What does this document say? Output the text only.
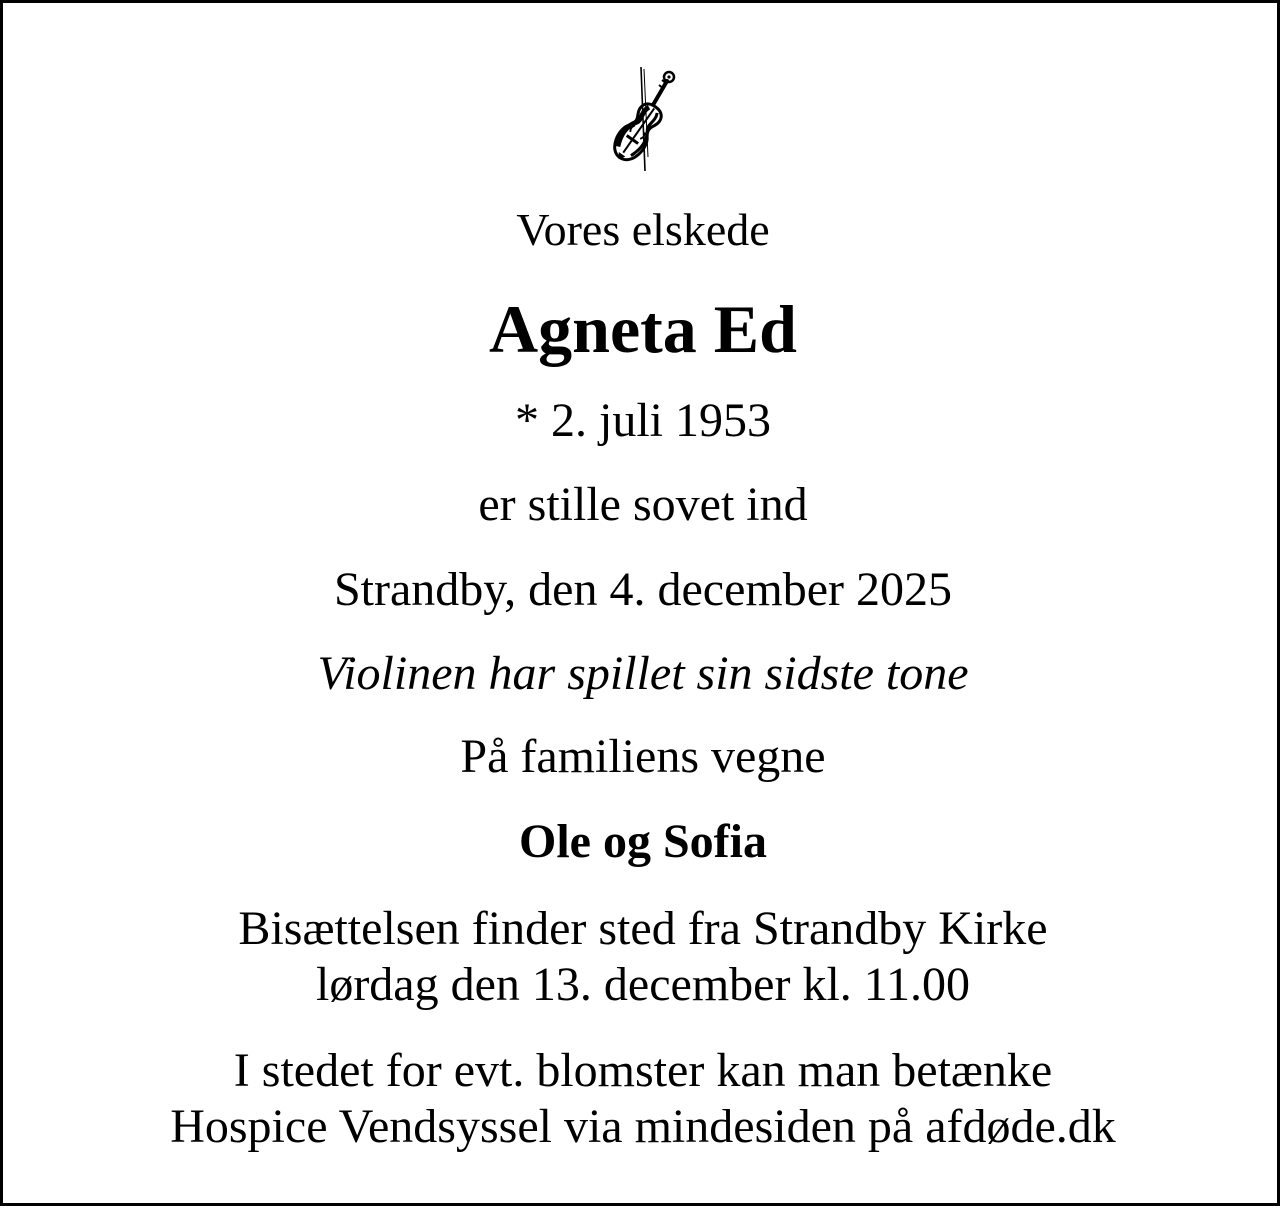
Vores elskede
Agneta Ed
* 2. juli 1953
er stille sovet ind
Strandby, den 4. december 2025
Violinen har spillet sin sidste tone
På familiens vegne
Ole og Sofia
Bisættelsen finder sted fra Strandby Kirke
lørdag den 13. december kl. 11.00
I stedet for evt. blomster kan man betænke
Hospice Vendsyssel via mindesiden på afdøde.dk
